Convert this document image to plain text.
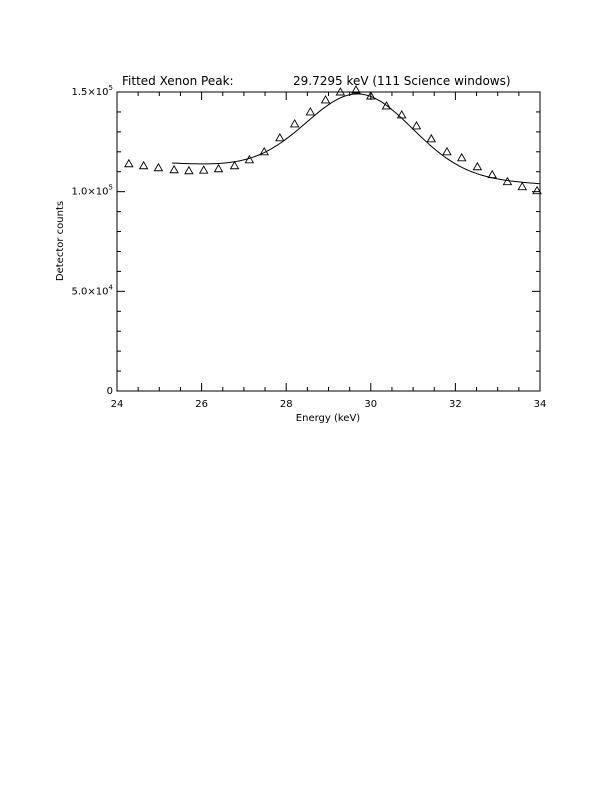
Fitted Xenon Peak:	29.7295 keV (111 Science windows)
24	26	28	30	32	34
0
$5.0\times 10^4$
$1.0\times 10^5$
$1.5\times 10^5$
Energy (keV)
Detector counts
